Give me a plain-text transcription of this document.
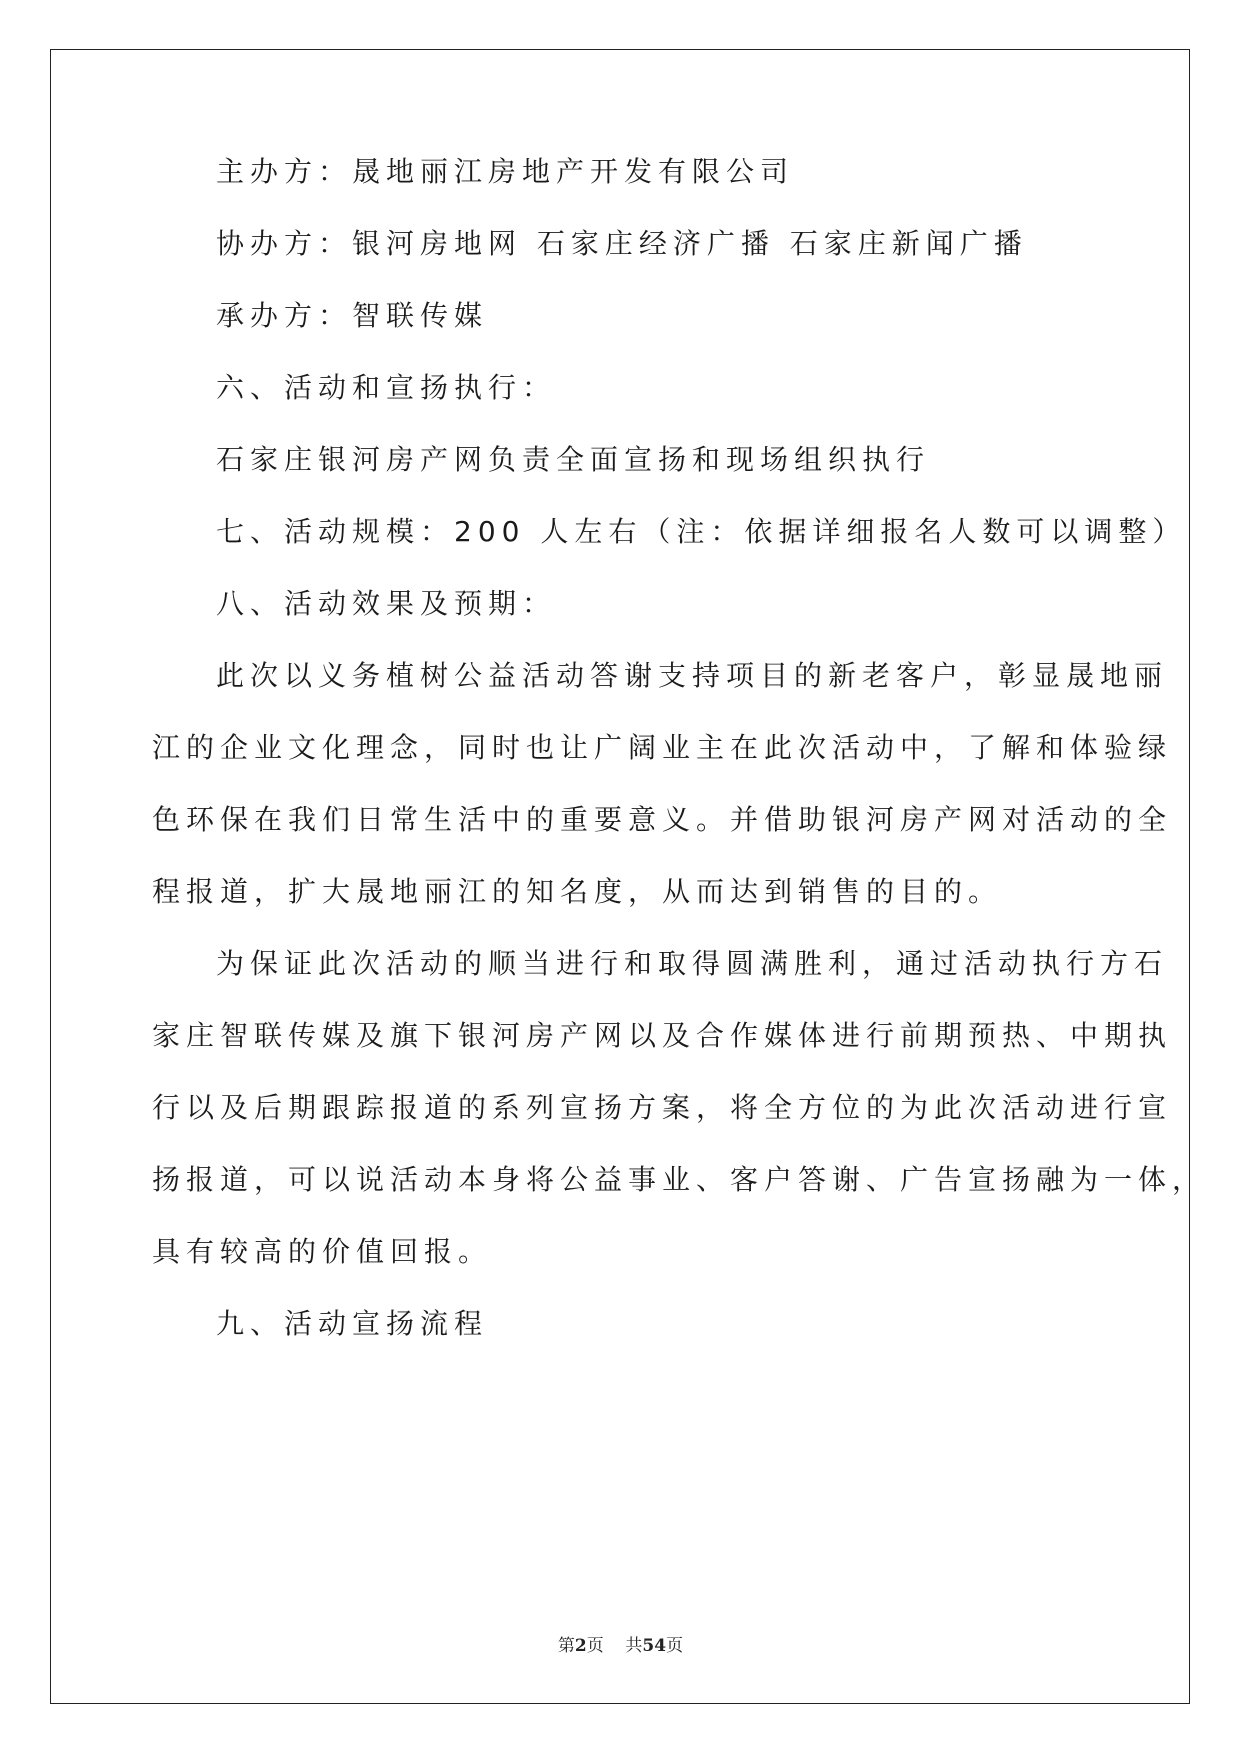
主办方：晟地丽江房地产开发有限公司
协办方：银河房地网 石家庄经济广播 石家庄新闻广播
承办方：智联传媒
六、活动和宣扬执行：
石家庄银河房产网负责全面宣扬和现场组织执行
七、活动规模：200 人左右（注：依据详细报名人数可以调整）
八、活动效果及预期：
此次以义务植树公益活动答谢支持项目的新老客户，彰显晟地丽
江的企业文化理念，同时也让广阔业主在此次活动中，了解和体验绿
色环保在我们日常生活中的重要意义。并借助银河房产网对活动的全
程报道，扩大晟地丽江的知名度，从而达到销售的目的。
为保证此次活动的顺当进行和取得圆满胜利，通过活动执行方石
家庄智联传媒及旗下银河房产网以及合作媒体进行前期预热、中期执
行以及后期跟踪报道的系列宣扬方案，将全方位的为此次活动进行宣
扬报道，可以说活动本身将公益事业、客户答谢、广告宣扬融为一体，
具有较高的价值回报。
九、活动宣扬流程
第2页 共54页
